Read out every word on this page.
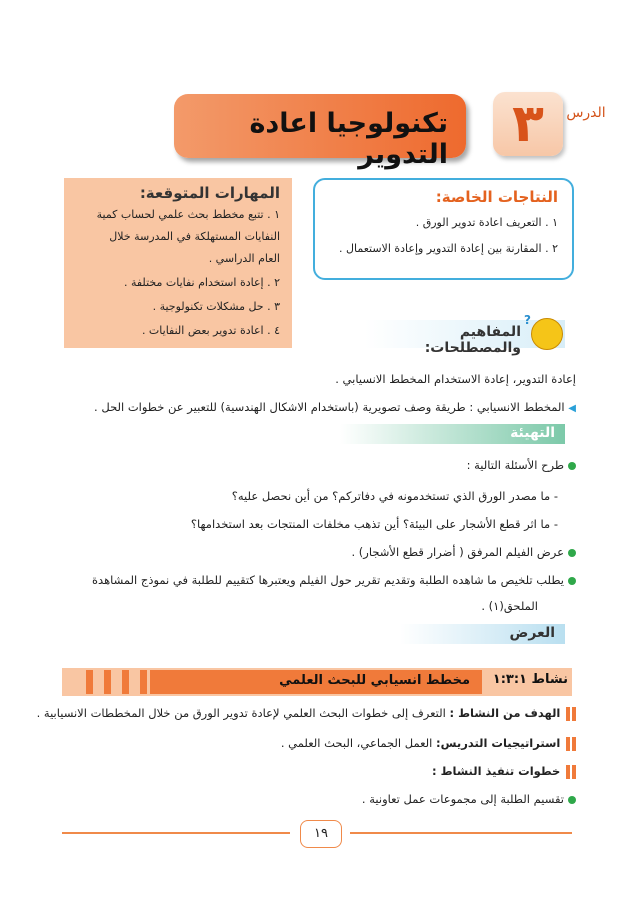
الدرس
٣
تكنولوجيا اعادة التدوير
النتاجات الخاصة:
١ . التعريف اعادة تدوير الورق .
٢ . المقارنة بين إعادة التدوير وإعادة الاستعمال .
المهارات المتوقعة:
١ . تتبع مخطط بحث علمي لحساب كمية
النفايات المستهلكة في المدرسة خلال
العام الدراسي .
٢ . إعادة استخدام نفايات مختلفة .
٣ . حل مشكلات تكنولوجية .
٤ . اعادة تدوير بعض النفايات .
?	المفاهيم والمصطلحات:
إعادة التدوير، إعادة الاستخدام المخطط الانسيابي .
◀ المخطط الانسيابي : طريقة وصف تصويرية (باستخدام الاشكال الهندسية) للتعبير عن خطوات الحل .
التهيئة
طرح الأسئلة التالية :
- ما مصدر الورق الذي تستخدمونه في دفاتركم؟ من أين نحصل عليه؟
- ما اثر قطع الأشجار على البيئة؟ أين تذهب مخلفات المنتجات بعد استخدامها؟
عرض الفيلم المرفق ( أضرار قطع الأشجار) .
يطلب تلخيص ما شاهده الطلبة وتقديم تقرير حول الفيلم ويعتبرها كتقييم للطلبة في نموذج المشاهدة
الملحق(١) .
العرض
نشاط ١:٣:١
مخطط انسيابي للبحث العلمي
الهدف من النشاط : التعرف إلى خطوات البحث العلمي لإعادة تدوير الورق من خلال المخططات الانسيابية .
استراتيجيات التدريس: العمل الجماعي، البحث العلمي .
خطوات تنفيذ النشاط :
تقسيم الطلبة إلى مجموعات عمل تعاونية .
١٩
